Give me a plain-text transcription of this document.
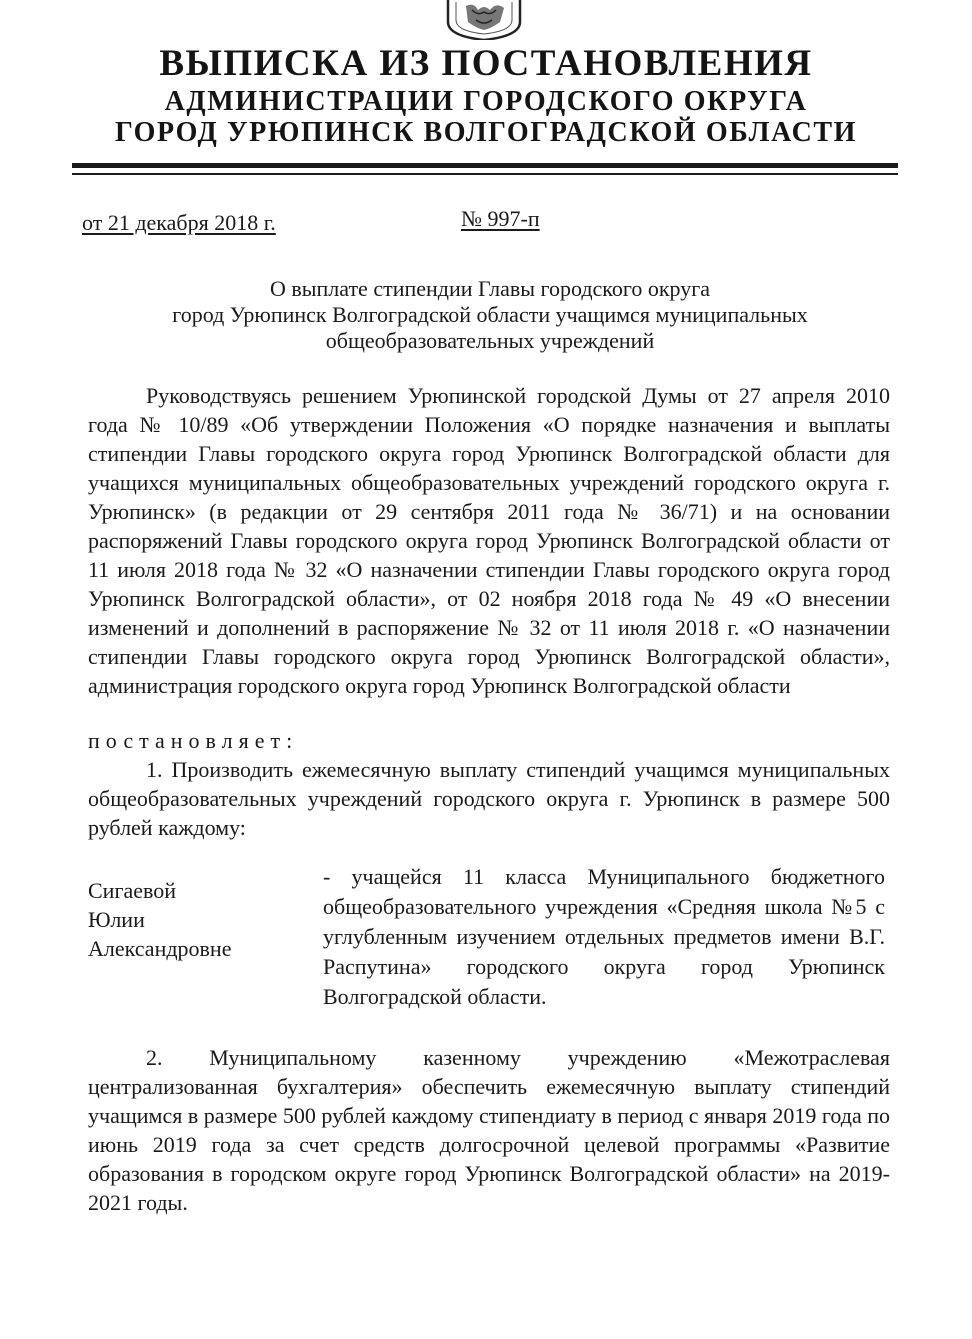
ВЫПИСКА ИЗ ПОСТАНОВЛЕНИЯ
АДМИНИСТРАЦИИ ГОРОДСКОГО ОКРУГА
ГОРОД УРЮПИНСК ВОЛГОГРАДСКОЙ ОБЛАСТИ
от 21 декабря 2018 г.	№ 997-п
О выплате стипендии Главы городского округа
город Урюпинск Волгоградской области учащимся муниципальных
общеобразовательных учреждений
Руководствуясь решением Урюпинской городской Думы от 27 апреля 2010 года № 10/89 «Об утверждении Положения «О порядке назначения и выплаты стипендии Главы городского округа город Урюпинск Волгоградской области для учащихся муниципальных общеобразовательных учреждений городского округа г. Урюпинск» (в редакции от 29 сентября 2011 года № 36/71) и на основании распоряжений Главы городского округа город Урюпинск Волгоградской области от 11 июля 2018 года № 32 «О назначении стипендии Главы городского округа город Урюпинск Волгоградской области», от 02 ноября 2018 года № 49 «О внесении изменений и дополнений в распоряжение № 32 от 11 июля 2018 г. «О назначении стипендии Главы городского округа город Урюпинск Волгоградской области», администрация городского округа город Урюпинск Волгоградской области
постановляет:
1. Производить ежемесячную выплату стипендий учащимся муниципальных общеобразовательных учреждений городского округа г. Урюпинск в размере 500 рублей каждому:
Сигаевой
Юлии
Александровне
- учащейся 11 класса Муниципального бюджетного общеобразовательного учреждения «Средняя школа №5 с углубленным изучением отдельных предметов имени В.Г. Распутина» городского округа город Урюпинск Волгоградской области.
2. Муниципальному казенному учреждению «Межотраслевая централизованная бухгалтерия» обеспечить ежемесячную выплату стипендий учащимся в размере 500 рублей каждому стипендиату в период с января 2019 года по июнь 2019 года за счет средств долгосрочной целевой программы «Развитие образования в городском округе город Урюпинск Волгоградской области» на 2019-2021 годы.
